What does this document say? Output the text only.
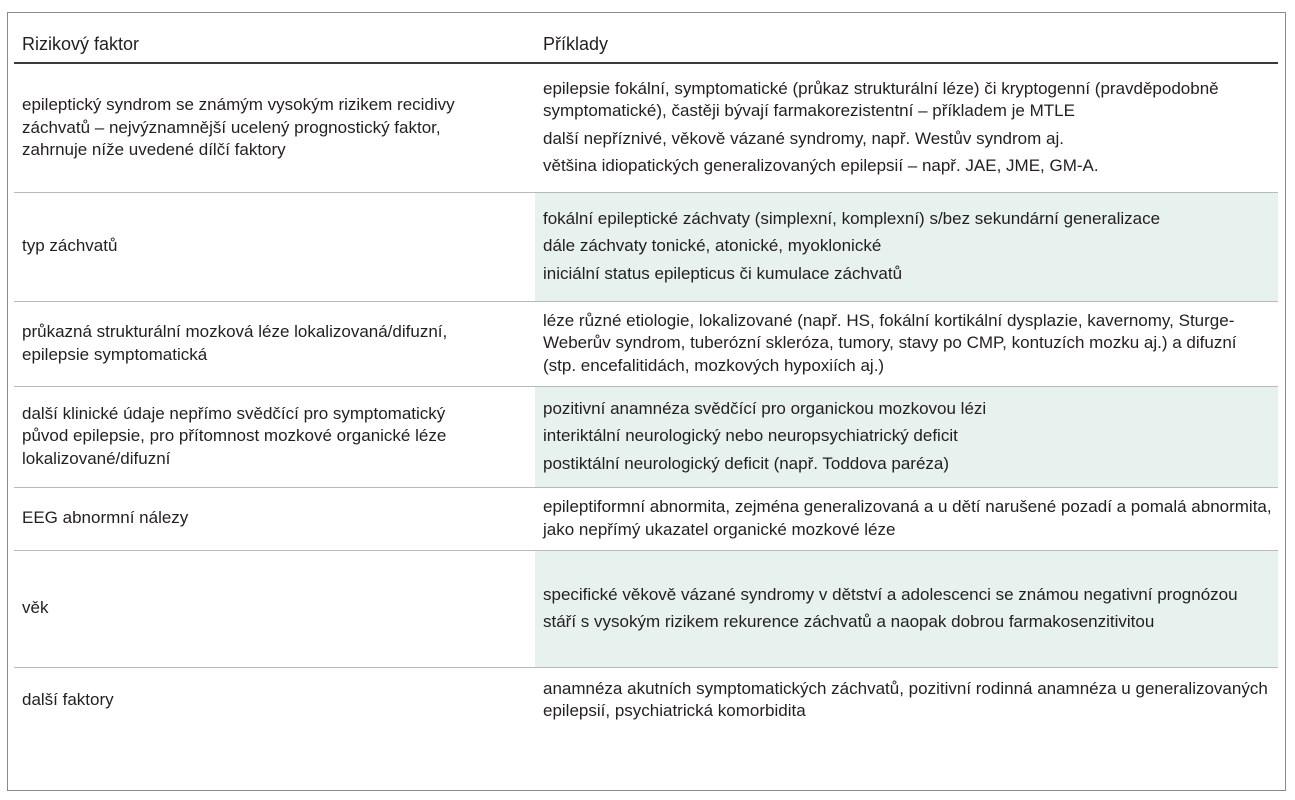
Rizikový faktor	Příklady
epileptický syndrom se známým vysokým rizikem recidivy záchvatů – nejvýznamnější ucelený prognostický faktor, zahrnuje níže uvedené dílčí faktory	epilepsie fokální, symptomatické (průkaz strukturální léze) či kryptogenní (pravděpodobně symptomatické), častěji bývají farmakorezistentní – příkladem je MTLE
další nepříznivé, věkově vázané syndromy, např. Westův syndrom aj.
většina idiopatických generalizovaných epilepsií – např. JAE, JME, GM-A.

typ záchvatů	fokální epileptické záchvaty (simplexní, komplexní) s/bez sekundární generalizace
dále záchvaty tonické, atonické, myoklonické
iniciální status epilepticus či kumulace záchvatů

průkazná strukturální mozková léze lokalizovaná/difuzní, epilepsie symptomatická	léze různé etiologie, lokalizované (např. HS, fokální kortikální dysplazie, kavernomy, Sturge-Weberův syndrom, tuberózní skleróza, tumory, stavy po CMP, kontuzích mozku aj.) a difuzní (stp. encefalitidách, mozkových hypoxiích aj.)

další klinické údaje nepřímo svědčící pro symptomatický původ epilepsie, pro přítomnost mozkové organické léze lokalizované/difuzní	pozitivní anamnéza svědčící pro organickou mozkovou lézi
interiktální neurologický nebo neuropsychiatrický deficit
postiktální neurologický deficit (např. Toddova paréza)

EEG abnormní nálezy	epileptiformní abnormita, zejména generalizovaná a u dětí narušené pozadí a pomalá abnormita, jako nepřímý ukazatel organické mozkové léze

věk	specifické věkově vázané syndromy v dětství a adolescenci se známou negativní prognózou
stáří s vysokým rizikem rekurence záchvatů a naopak dobrou farmakosenzitivitou

další faktory	anamnéza akutních symptomatických záchvatů, pozitivní rodinná anamnéza u generalizovaných epilepsií, psychiatrická komorbidita
